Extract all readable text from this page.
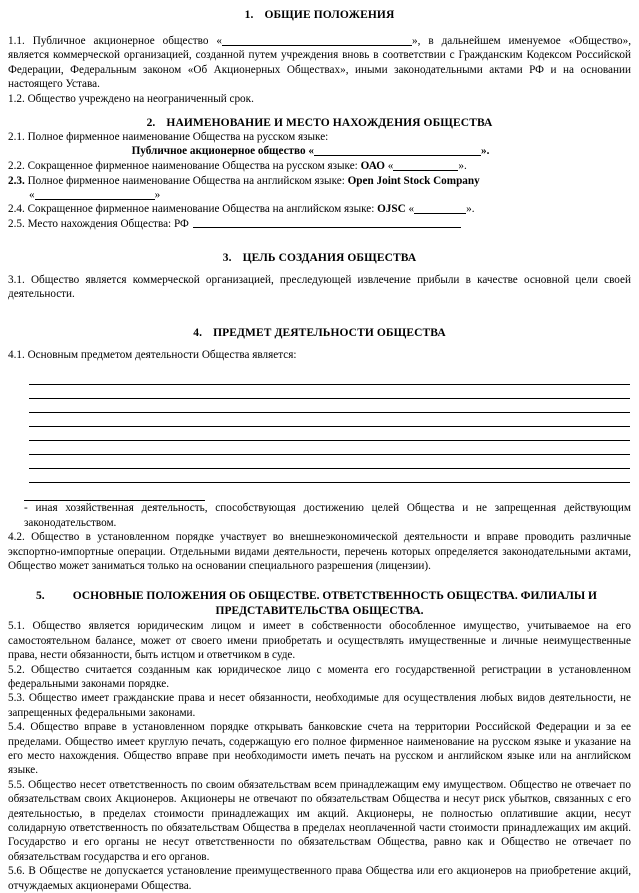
1. ОБЩИЕ ПОЛОЖЕНИЯ

1.1. Публичное акционерное общество «	», в дальнейшем именуемое «Общество», является коммерческой организацией, созданной путем учреждения вновь в соответствии с Гражданским Кодексом Российской Федерации, Федеральным законом «Об Акционерных Обществах», иными законодательными актами РФ и на основании настоящего Устава.

1.2. Общество учреждено на неограниченный срок.

2. НАИМЕНОВАНИЕ И МЕСТО НАХОЖДЕНИЯ ОБЩЕСТВА

2.1. Полное фирменное наименование Общества на русском языке:

Публичное акционерное общество «	».

2.2. Сокращенное фирменное наименование Общества на русском языке: ОАО «	».

2.3. Полное фирменное наименование Общества на английском языке: Open Joint Stock Company

«	»

2.4. Сокращенное фирменное наименование Общества на английском языке: OJSC «	».

2.5. Место нахождения Общества: РФ

3. ЦЕЛЬ СОЗДАНИЯ ОБЩЕСТВА

3.1. Общество является коммерческой организацией, преследующей извлечение прибыли в качестве основной цели своей деятельности.

4. ПРЕДМЕТ ДЕЯТЕЛЬНОСТИ ОБЩЕСТВА

4.1. Основным предметом деятельности Общества является:

- иная хозяйственная деятельность, способствующая достижению целей Общества и не запрещенная действующим законодательством.

4.2. Общество в установленном порядке участвует во внешнеэкономической деятельности и вправе проводить различные экспортно-импортные операции. Отдельными видами деятельности, перечень которых определяется законодательными актами, Общество может заниматься только на основании специального разрешения (лицензии).

5. ОСНОВНЫЕ ПОЛОЖЕНИЯ ОБ ОБЩЕСТВЕ. ОТВЕТСТВЕННОСТЬ ОБЩЕСТВА. ФИЛИАЛЫ И
ПРЕДСТАВИТЕЛЬСТВА ОБЩЕСТВА.

5.1. Общество является юридическим лицом и имеет в собственности обособленное имущество, учитываемое на его самостоятельном балансе, может от своего имени приобретать и осуществлять имущественные и личные неимущественные права, нести обязанности, быть истцом и ответчиком в суде.

5.2. Общество считается созданным как юридическое лицо с момента его государственной регистрации в установленном федеральными законами порядке.

5.3. Общество имеет гражданские права и несет обязанности, необходимые для осуществления любых видов деятельности, не запрещенных федеральными законами.

5.4. Общество вправе в установленном порядке открывать банковские счета на территории Российской Федерации и за ее пределами. Общество имеет круглую печать, содержащую его полное фирменное наименование на русском языке и указание на его место нахождения. Общество вправе при необходимости иметь печать на русском и английском языке или на английском языке.

5.5. Общество несет ответственность по своим обязательствам всем принадлежащим ему имуществом. Общество не отвечает по обязательствам своих Акционеров. Акционеры не отвечают по обязательствам Общества и несут риск убытков, связанных с его деятельностью, в пределах стоимости принадлежащих им акций. Акционеры, не полностью оплатившие акции, несут солидарную ответственность по обязательствам Общества в пределах неоплаченной части стоимости принадлежащих им акций. Государство и его органы не несут ответственности по обязательствам Общества, равно как и Общество не отвечает по обязательствам государства и его органов.

5.6. В Обществе не допускается установление преимущественного права Общества или его акционеров на приобретение акций, отчуждаемых акционерами Общества.
